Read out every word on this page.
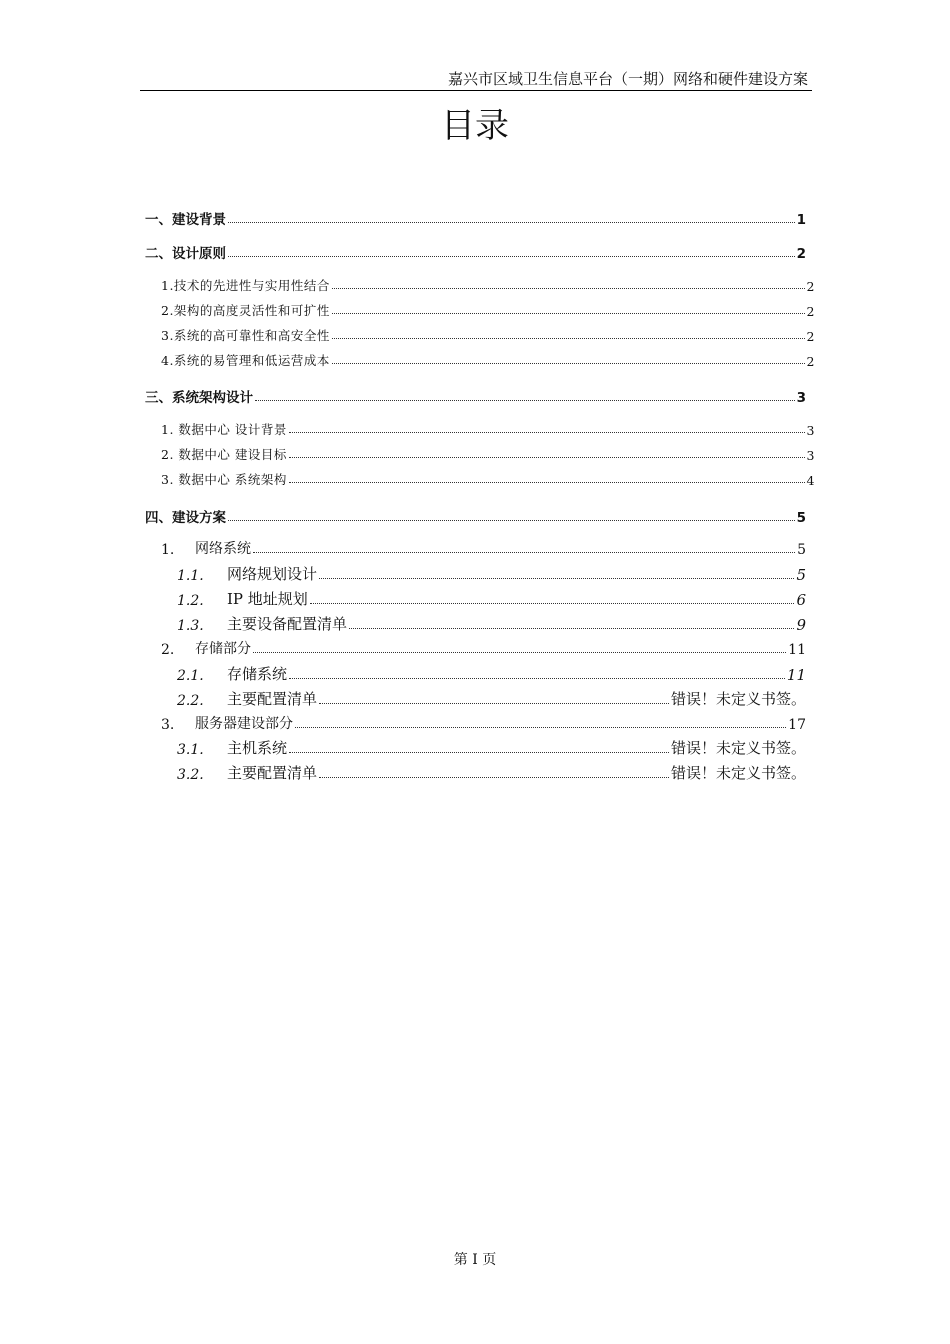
嘉兴市区域卫生信息平台（一期）网络和硬件建设方案
目录
一、建设背景	1
二、设计原则	2
1.技术的先进性与实用性结合	2
2.架构的高度灵活性和可扩性	2
3.系统的高可靠性和高安全性	2
4.系统的易管理和低运营成本	2
三、系统架构设计	3
1. 数据中心 设计背景	3
2. 数据中心 建设目标	3
3. 数据中心 系统架构	4
四、建设方案	5
1.	网络系统	5
1.1.	网络规划设计	5
1.2.	IP 地址规划	6
1.3.	主要设备配置清单	9
2.	存储部分	11
2.1.	存储系统	11
2.2.	主要配置清单	错误！未定义书签。
3.	服务器建设部分	17
3.1.	主机系统	错误！未定义书签。
3.2.	主要配置清单	错误！未定义书签。
第 I 页
